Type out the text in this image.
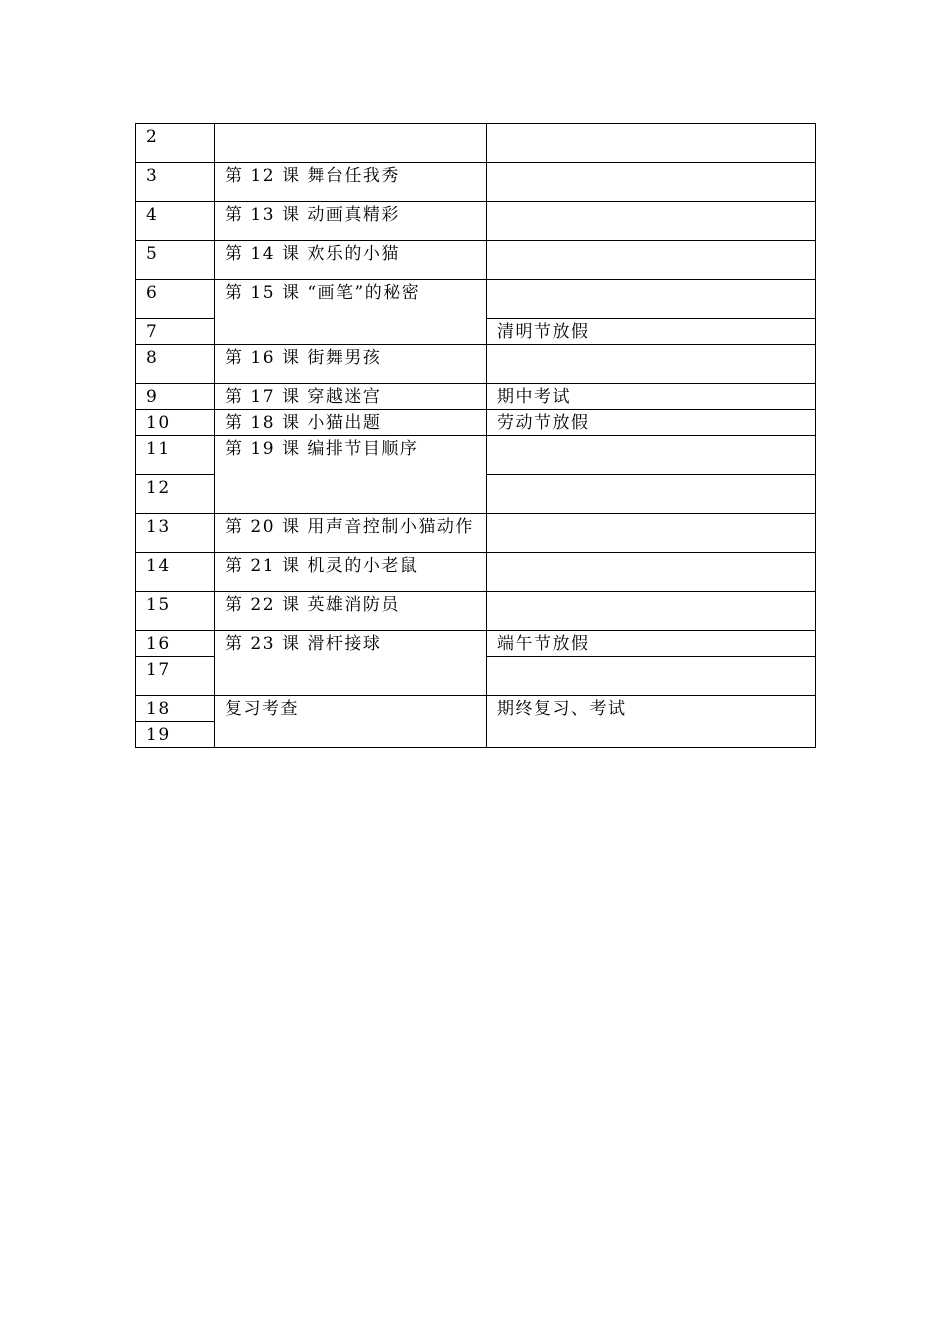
2		
3	第 12 课 舞台任我秀	
4	第 13 课 动画真精彩	
5	第 14 课 欢乐的小猫	
6	第 15 课 “画笔”的秘密	
7		清明节放假
8	第 16 课 街舞男孩	
9	第 17 课 穿越迷宫	期中考试
10	第 18 课 小猫出题	劳动节放假
11	第 19 课 编排节目顺序	
12		
13	第 20 课 用声音控制小猫动作	
14	第 21 课 机灵的小老鼠	
15	第 22 课 英雄消防员	
16	第 23 课 滑杆接球	端午节放假
17		
18	复习考查	期终复习、考试
19		
